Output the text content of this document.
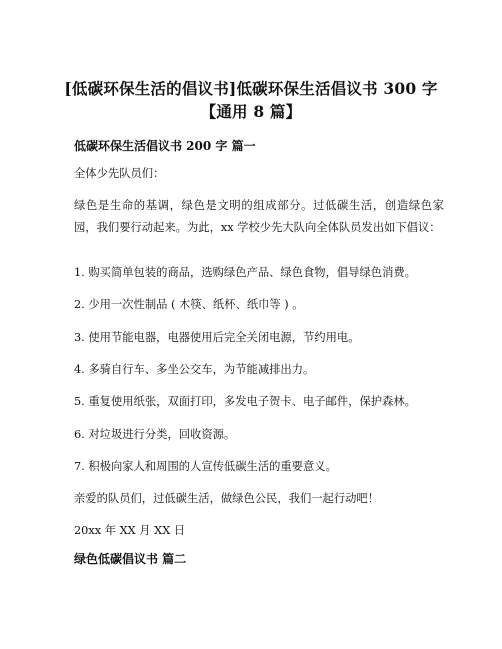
[低碳环保生活的倡议书]低碳环保生活倡议书 300 字
【通用 8 篇】
低碳环保生活倡议书 200 字 篇一
全体少先队员们：
绿色是生命的基调，绿色是文明的组成部分。过低碳生活，创造绿色家园，我们要行动起来。为此，xx 学校少先大队向全体队员发出如下倡议：
1. 购买简单包装的商品，选购绿色产品、绿色食物，倡导绿色消费。
2. 少用一次性制品 ( 木筷、纸杯、纸巾等 ) 。
3. 使用节能电器，电器使用后完全关闭电源，节约用电。
4. 多骑自行车、多坐公交车，为节能减排出力。
5. 重复使用纸张，双面打印，多发电子贺卡、电子邮件，保护森林。
6. 对垃圾进行分类，回收资源。
7. 积极向家人和周围的人宣传低碳生活的重要意义。
亲爱的队员们，过低碳生活，做绿色公民，我们一起行动吧！
20xx 年 XX 月 XX 日
绿色低碳倡议书 篇二
